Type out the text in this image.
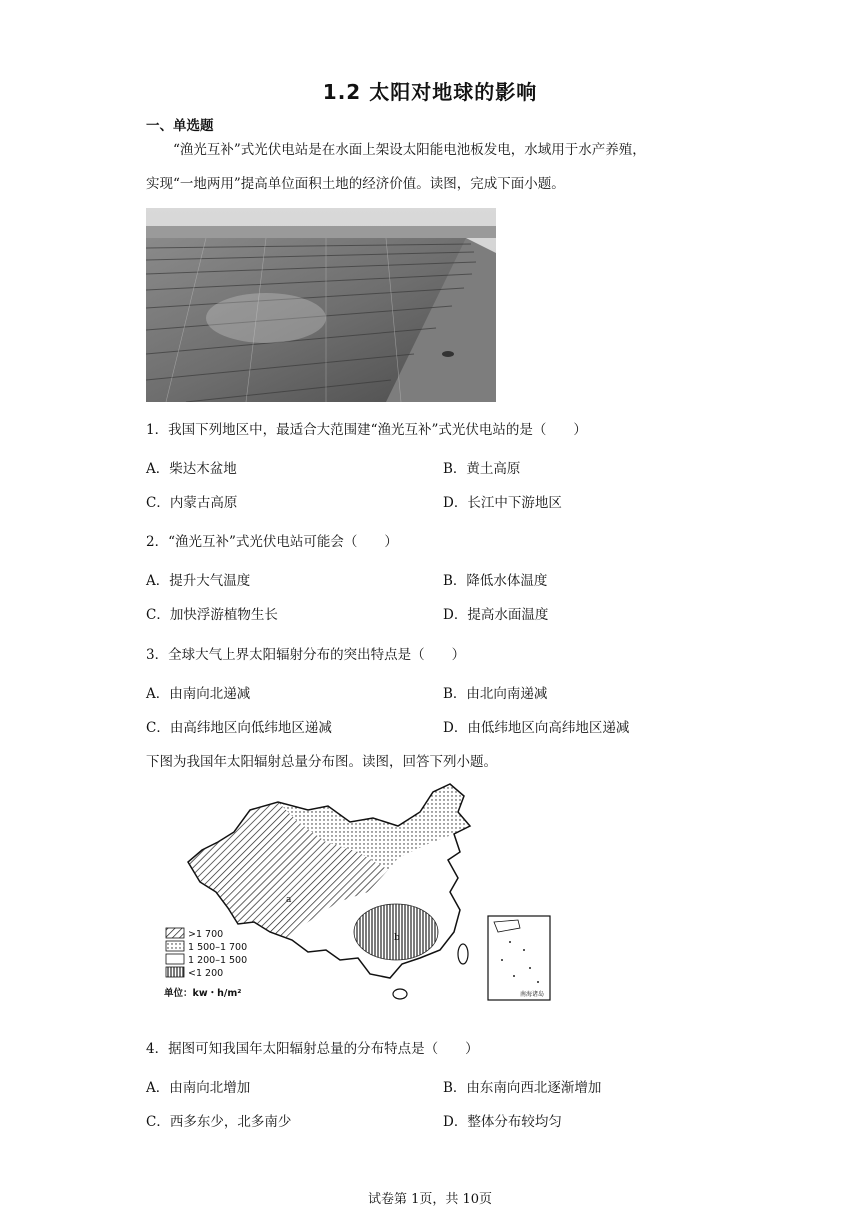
1.2 太阳对地球的影响
一、单选题
“渔光互补”式光伏电站是在水面上架设太阳能电池板发电，水域用于水产养殖，
实现“一地两用”提高单位面积土地的经济价值。读图，完成下面小题。
1．我国下列地区中，最适合大范围建“渔光互补”式光伏电站的是（　　）
A．柴达木盆地	B．黄土高原
C．内蒙古高原	D．长江中下游地区
2．“渔光互补”式光伏电站可能会（　　）
A．提升大气温度	B．降低水体温度
C．加快浮游植物生长	D．提高水面温度
3．全球大气上界太阳辐射分布的突出特点是（　　）
A．由南向北递减	B．由北向南递减
C．由高纬地区向低纬地区递减	D．由低纬地区向高纬地区递减
下图为我国年太阳辐射总量分布图。读图，回答下列小题。
a
b
>1 700
1 500–1 700
1 200–1 500
<1 200
单位：kw・h/m²	南海诸岛
4．据图可知我国年太阳辐射总量的分布特点是（　　）
A．由南向北增加	B．由东南向西北逐渐增加
C．西多东少，北多南少	D．整体分布较均匀
试卷第 1页，共 10页
